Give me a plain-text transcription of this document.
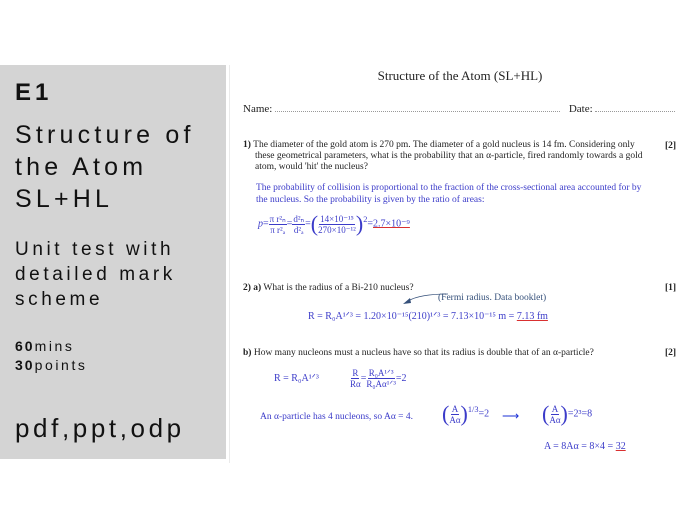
E1
Structure of
the Atom
SL+HL
Unit test with
detailed mark
scheme
60mins
30points
pdf,ppt,odp
Structure of the Atom (SL+HL)
Name:	Date:
1) The diameter of the gold atom is 270 pm. The diameter of a gold nucleus is 14 fm. Considering only
these geometrical parameters, what is the probability that an α-particle, fired randomly towards a gold
atom, would 'hit' the nucleus?
[2]
The probability of collision is proportional to the fraction of the cross-sectional area accounted for by
the nucleus. So the probability is given by the ratio of areas:
$p= \frac{\text{π r²ₙ}}{\text{π r²ₐ}} = \frac{\text{d²ₙ}}{\text{d²ₐ}}$ =( $\frac{\text{14×10⁻¹⁵}}{\text{270×10⁻¹²}} )^2=2.7\times 10^{-9}$
2) a) What is the radius of a Bi-210 nucleus?	[1]
(Fermi radius. Data booklet)
R = R₀A¹ᐟ³ = 1.20×10⁻¹⁵(210)¹ᐟ³ = 7.13×10⁻¹⁵ m = 7.13 fm
b) How many nucleons must a nucleus have so that its radius is double that of an α-particle?	[2]
R = R₀A¹ᐟ³	$\frac{R}{R\alpha} = \frac{\text{R₀A¹ᐟ³}}{\text{R₀Aα¹ᐟ³}} =2$
An α-particle has 4 nucleons, so Aα = 4. ( $\frac{A}{A\alpha} )^{1/3}=2$ ⟶ ( $\frac{A}{A\alpha} )=2^3=8$
A = 8Aα = 8×4 = 32
